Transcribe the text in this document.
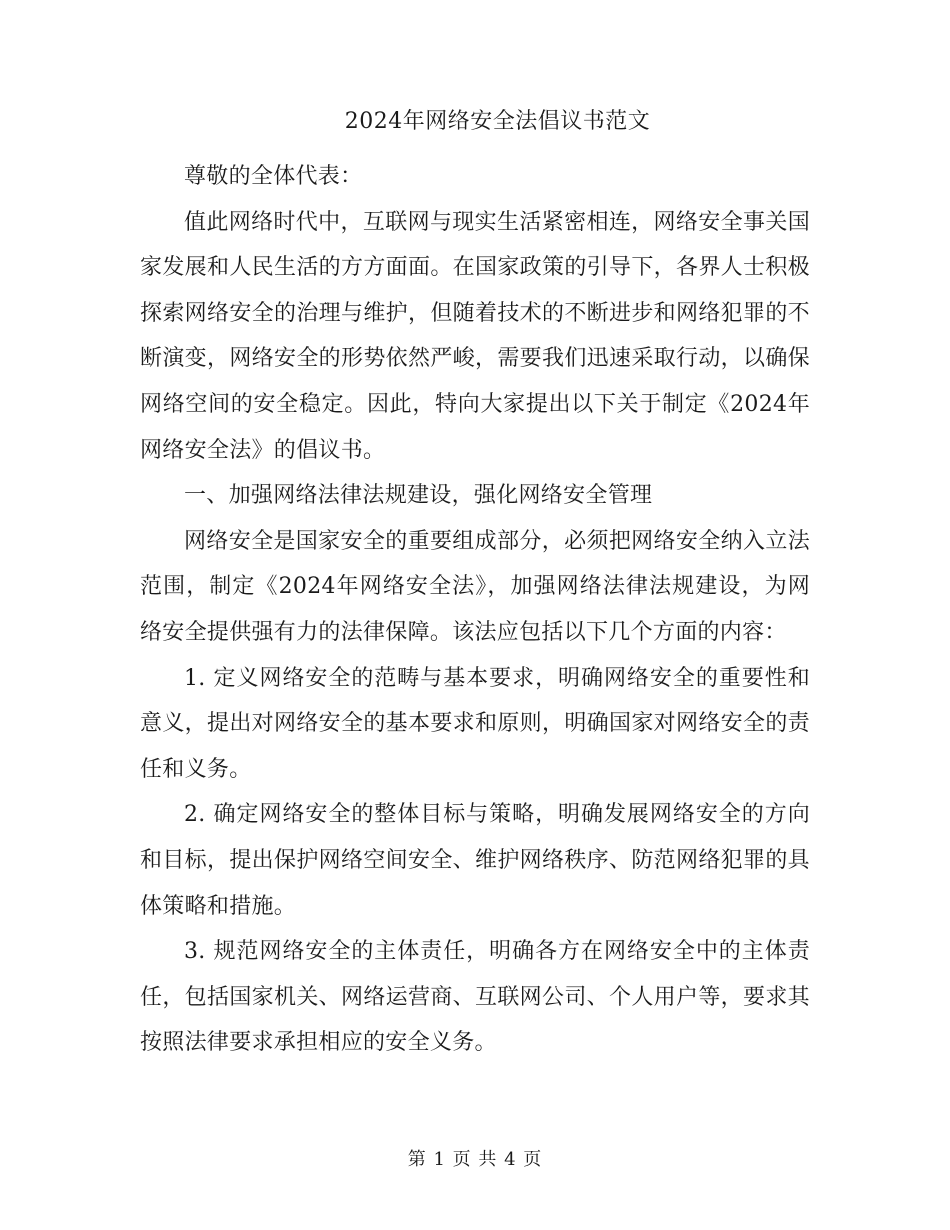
2024年网络安全法倡议书范文

尊敬的全体代表：

值此网络时代中，互联网与现实生活紧密相连，网络安全事关国家发展和人民生活的方方面面。在国家政策的引导下，各界人士积极探索网络安全的治理与维护，但随着技术的不断进步和网络犯罪的不断演变，网络安全的形势依然严峻，需要我们迅速采取行动，以确保网络空间的安全稳定。因此，特向大家提出以下关于制定《2024年网络安全法》的倡议书。

一、加强网络法律法规建设，强化网络安全管理

网络安全是国家安全的重要组成部分，必须把网络安全纳入立法范围，制定《2024年网络安全法》，加强网络法律法规建设，为网络安全提供强有力的法律保障。该法应包括以下几个方面的内容：

1. 定义网络安全的范畴与基本要求，明确网络安全的重要性和意义，提出对网络安全的基本要求和原则，明确国家对网络安全的责任和义务。

2. 确定网络安全的整体目标与策略，明确发展网络安全的方向和目标，提出保护网络空间安全、维护网络秩序、防范网络犯罪的具体策略和措施。

3. 规范网络安全的主体责任，明确各方在网络安全中的主体责任，包括国家机关、网络运营商、互联网公司、个人用户等，要求其按照法律要求承担相应的安全义务。

第 1 页 共 4 页
